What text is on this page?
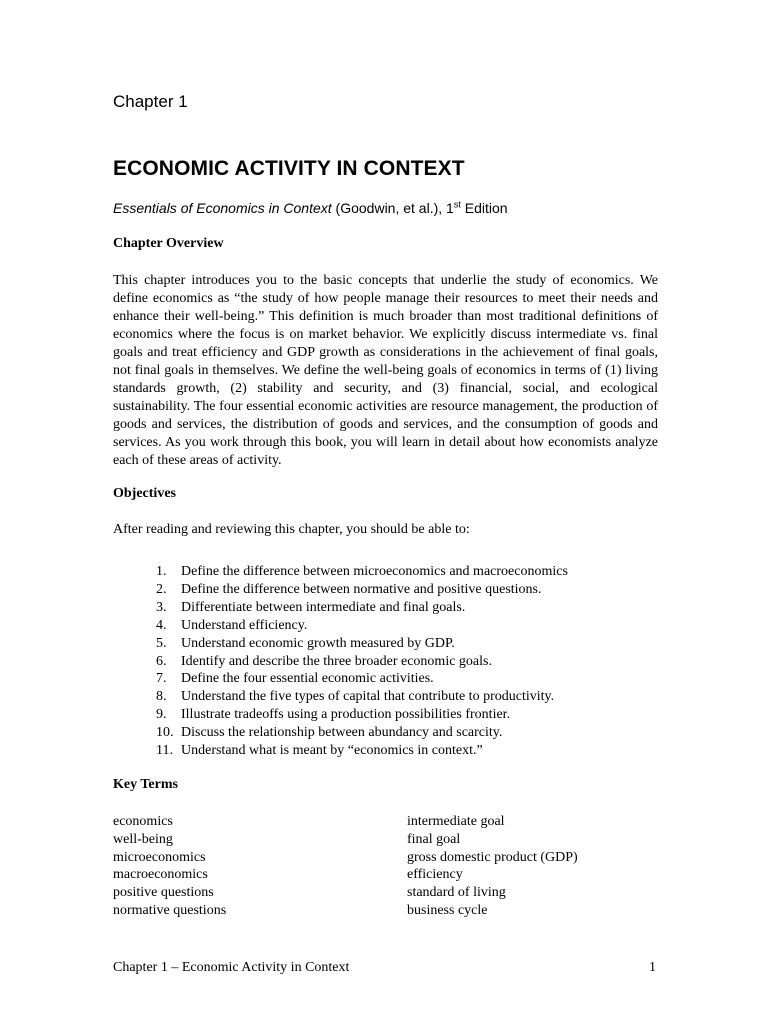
Chapter 1
ECONOMIC ACTIVITY IN CONTEXT
Essentials of Economics in Context (Goodwin, et al.), 1st Edition
Chapter Overview

This chapter introduces you to the basic concepts that underlie the study of economics. We define economics as “the study of how people manage their resources to meet their needs and enhance their well-being.” This definition is much broader than most traditional definitions of economics where the focus is on market behavior. We explicitly discuss intermediate vs. final goals and treat efficiency and GDP growth as considerations in the achievement of final goals, not final goals in themselves. We define the well-being goals of economics in terms of (1) living standards growth, (2) stability and security, and (3) financial, social, and ecological sustainability. The four essential economic activities are resource management, the production of goods and services, the distribution of goods and services, and the consumption of goods and services. As you work through this book, you will learn in detail about how economists analyze each of these areas of activity.

Objectives
After reading and reviewing this chapter, you should be able to:
1.	Define the difference between microeconomics and macroeconomics
2.	Define the difference between normative and positive questions.
3.	Differentiate between intermediate and final goals.
4.	Understand efficiency.
5.	Understand economic growth measured by GDP.
6.	Identify and describe the three broader economic goals.
7.	Define the four essential economic activities.
8.	Understand the five types of capital that contribute to productivity.
9.	Illustrate tradeoffs using a production possibilities frontier.
10. Discuss the relationship between abundancy and scarcity.
11. Understand what is meant by “economics in context.”
Key Terms
economics
well-being
microeconomics
macroeconomics
positive questions
normative questions
intermediate goal
final goal
gross domestic product (GDP)
efficiency
standard of living
business cycle
Chapter 1 – Economic Activity in Context	1
